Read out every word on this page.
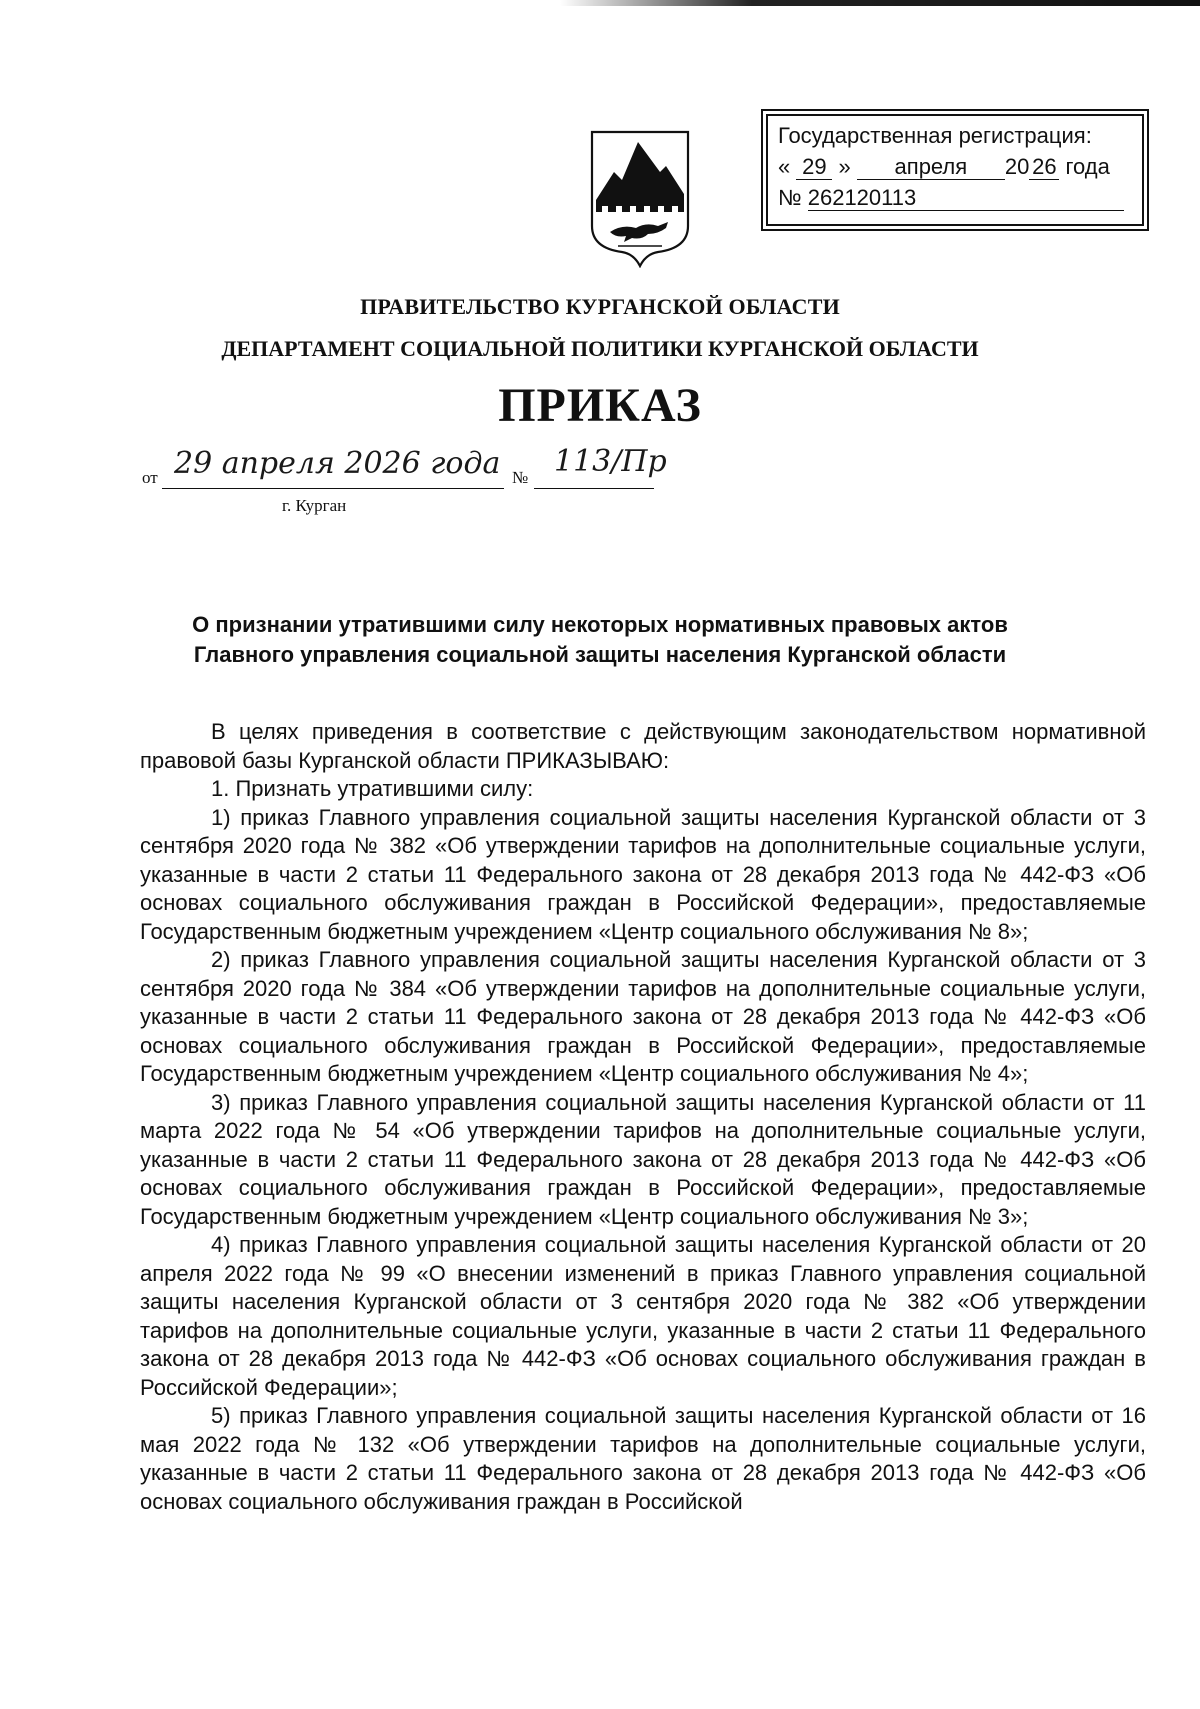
Государственная регистрация:
« 29 » апреля 20 26 года
№ 262120113
ПРАВИТЕЛЬСТВО КУРГАНСКОЙ ОБЛАСТИ
ДЕПАРТАМЕНТ СОЦИАЛЬНОЙ ПОЛИТИКИ КУРГАНСКОЙ ОБЛАСТИ
ПРИКАЗ
от 29 апреля 2026 года № 113/Пр
г. Курган
О признании утратившими силу некоторых нормативных правовых актов
Главного управления социальной защиты населения Курганской области

В целях приведения в соответствие с действующим законодательством нормативной правовой базы Курганской области ПРИКАЗЫВАЮ:

1. Признать утратившими силу:

1) приказ Главного управления социальной защиты населения Курганской области от 3 сентября 2020 года № 382 «Об утверждении тарифов на дополнительные социальные услуги, указанные в части 2 статьи 11 Федерального закона от 28 декабря 2013 года № 442-ФЗ «Об основах социального обслуживания граждан в Российской Федерации», предоставляемые Государственным бюджетным учреждением «Центр социального обслуживания № 8»;

2) приказ Главного управления социальной защиты населения Курганской области от 3 сентября 2020 года № 384 «Об утверждении тарифов на дополнительные социальные услуги, указанные в части 2 статьи 11 Федерального закона от 28 декабря 2013 года № 442-ФЗ «Об основах социального обслуживания граждан в Российской Федерации», предоставляемые Государственным бюджетным учреждением «Центр социального обслуживания № 4»;

3) приказ Главного управления социальной защиты населения Курганской области от 11 марта 2022 года № 54 «Об утверждении тарифов на дополнительные социальные услуги, указанные в части 2 статьи 11 Федерального закона от 28 декабря 2013 года № 442-ФЗ «Об основах социального обслуживания граждан в Российской Федерации», предоставляемые Государственным бюджетным учреждением «Центр социального обслуживания № 3»;

4) приказ Главного управления социальной защиты населения Курганской области от 20 апреля 2022 года № 99 «О внесении изменений в приказ Главного управления социальной защиты населения Курганской области от 3 сентября 2020 года № 382 «Об утверждении тарифов на дополнительные социальные услуги, указанные в части 2 статьи 11 Федерального закона от 28 декабря 2013 года № 442-ФЗ «Об основах социального обслуживания граждан в Российской Федерации»;

5) приказ Главного управления социальной защиты населения Курганской области от 16 мая 2022 года № 132 «Об утверждении тарифов на дополнительные социальные услуги, указанные в части 2 статьи 11 Федерального закона от 28 декабря 2013 года № 442-ФЗ «Об основах социального обслуживания граждан в Российской
